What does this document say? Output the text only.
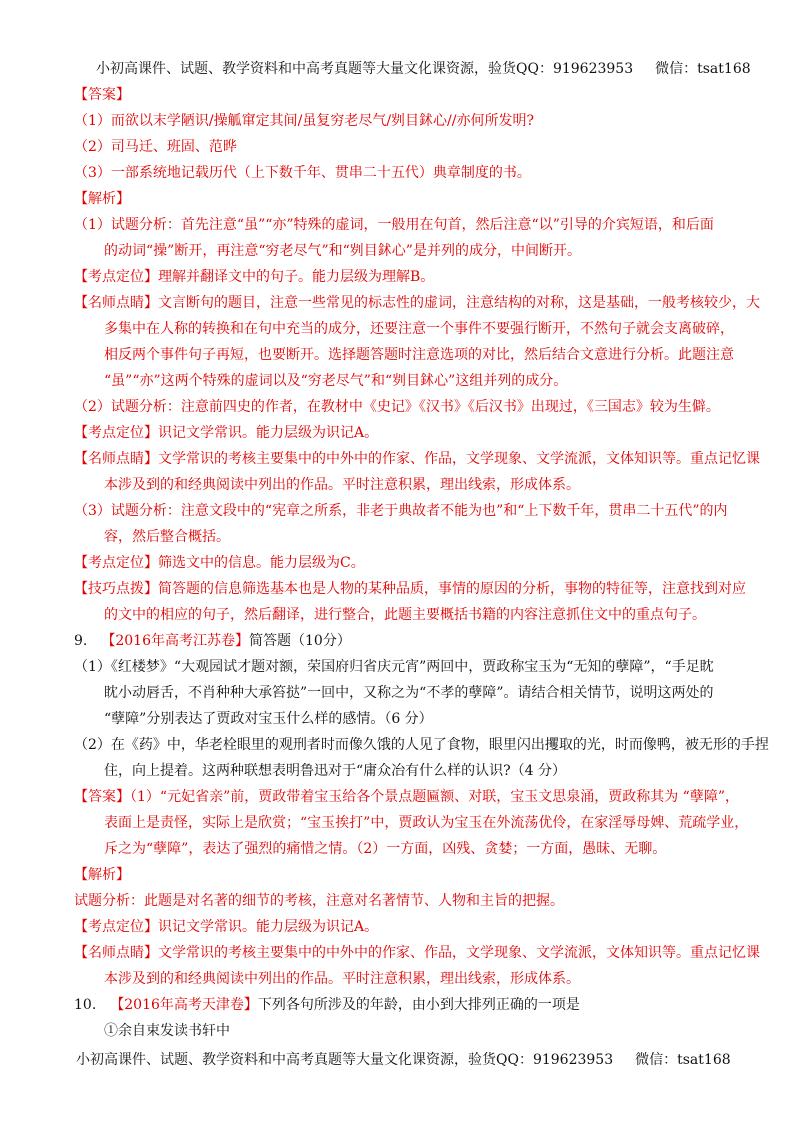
小初高课件、试题、教学资料和中高考真题等大量文化课资源，验货QQ：919623953 微信：tsat168
【答案】
（1）而欲以末学陋识/操觚窜定其间/虽复穷老尽气/刿目鉥心//亦何所发明?
（2）司马迁、班固、范晔
（3）一部系统地记载历代（上下数千年、贯串二十五代）典章制度的书。
【解析】
（1）试题分析：首先注意“虽”“亦”特殊的虚词，一般用在句首，然后注意“以”引导的介宾短语，和后面
的动词“操”断开，再注意“穷老尽气”和“刿目鉥心”是并列的成分，中间断开。
【考点定位】理解并翻译文中的句子。能力层级为理解B。
【名师点睛】文言断句的题目，注意一些常见的标志性的虚词，注意结构的对称，这是基础，一般考核较少，大
多集中在人称的转换和在句中充当的成分，还要注意一个事件不要强行断开，不然句子就会支离破碎，
相反两个事件句子再短，也要断开。选择题答题时注意选项的对比，然后结合文意进行分析。此题注意
“虽”“亦”这两个特殊的虚词以及“穷老尽气”和“刿目鉥心”这组并列的成分。
（2）试题分析：注意前四史的作者，在教材中《史记》《汉书》《后汉书》出现过，《三国志》较为生僻。
【考点定位】识记文学常识。能力层级为识记A。
【名师点睛】文学常识的考核主要集中的中外中的作家、作品，文学现象、文学流派，文体知识等。重点记忆课
本涉及到的和经典阅读中列出的作品。平时注意积累，理出线索，形成体系。
（3）试题分析：注意文段中的“宪章之所系，非老于典故者不能为也”和“上下数千年，贯串二十五代”的内
容，然后整合概括。
【考点定位】筛选文中的信息。能力层级为C。
【技巧点拨】简答题的信息筛选基本也是人物的某种品质，事情的原因的分析，事物的特征等，注意找到对应
的文中的相应的句子，然后翻译，进行整合，此题主要概括书籍的内容注意抓住文中的重点句子。
9.　【2016年高考江苏卷】简答题（10分）
（1）《红楼梦》“大观园试才题对额，荣国府归省庆元宵”两回中，贾政称宝玉为“无知的孽障”，“手足眈
眈小动唇舌，不肖种种大承笞挞”一回中，又称之为“不孝的孽障”。请结合相关情节，说明这两处的
“孽障”分别表达了贾政对宝玉什么样的感情。（6 分）
（2）在《药》中，华老栓眼里的观刑者时而像久饿的人见了食物，眼里闪出攫取的光，时而像鸭，被无形的手捏
住，向上提着。这两种联想表明鲁迅对于“庸众冶有什么样的认识?（4 分）
【答案】（1）“元妃省亲”前，贾政带着宝玉给各个景点题匾额、对联，宝玉文思泉涌，贾政称其为 “孽障”，
表面上是责怪，实际上是欣赏；“宝玉挨打”中，贾政认为宝玉在外流荡优伶，在家淫辱母婢、荒疏学业，
斥之为“孽障”，表达了强烈的痛惜之情。（2）一方面，凶残、贪婪；一方面，愚昧、无聊。
【解析】
试题分析：此题是对名著的细节的考核，注意对名著情节、人物和主旨的把握。
【考点定位】识记文学常识。能力层级为识记A。
【名师点睛】文学常识的考核主要集中的中外中的作家、作品，文学现象、文学流派，文体知识等。重点记忆课
本涉及到的和经典阅读中列出的作品。平时注意积累，理出线索，形成体系。
10.　【2016年高考天津卷】下列各句所涉及的年龄，由小到大排列正确的一项是
①余自束发读书轩中
小初高课件、试题、教学资料和中高考真题等大量文化课资源，验货QQ：919623953 微信：tsat168
